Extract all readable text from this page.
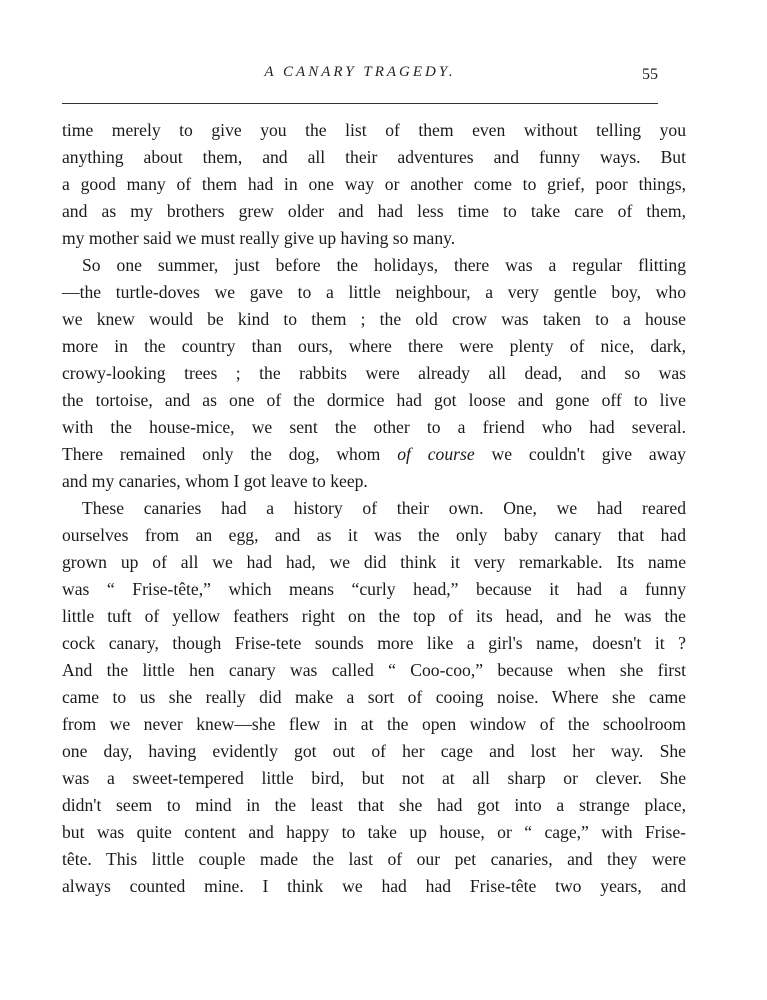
A CANARY TRAGEDY.	55
time merely to give you the list of them even without telling you
anything about them, and all their adventures and funny ways. But
a good many of them had in one way or another come to grief, poor things,
and as my brothers grew older and had less time to take care of them,
my mother said we must really give up having so many.
So one summer, just before the holidays, there was a regular flitting
—the turtle-doves we gave to a little neighbour, a very gentle boy, who
we knew would be kind to them ; the old crow was taken to a house
more in the country than ours, where there were plenty of nice, dark,
crowy-looking trees ; the rabbits were already all dead, and so was
the tortoise, and as one of the dormice had got loose and gone off to live
with the house-mice, we sent the other to a friend who had several.
There remained only the dog, whom of course we couldn't give away
and my canaries, whom I got leave to keep.
These canaries had a history of their own. One, we had reared
ourselves from an egg, and as it was the only baby canary that had
grown up of all we had had, we did think it very remarkable. Its name
was “ Frise-tête,” which means “curly head,” because it had a funny
little tuft of yellow feathers right on the top of its head, and he was the
cock canary, though Frise-tete sounds more like a girl's name, doesn't it ?
And the little hen canary was called “ Coo-coo,” because when she first
came to us she really did make a sort of cooing noise. Where she came
from we never knew—she flew in at the open window of the schoolroom
one day, having evidently got out of her cage and lost her way. She
was a sweet-tempered little bird, but not at all sharp or clever. She
didn't seem to mind in the least that she had got into a strange place,
but was quite content and happy to take up house, or “ cage,” with Frise-
tête. This little couple made the last of our pet canaries, and they were
always counted mine. I think we had had Frise-tête two years, and
